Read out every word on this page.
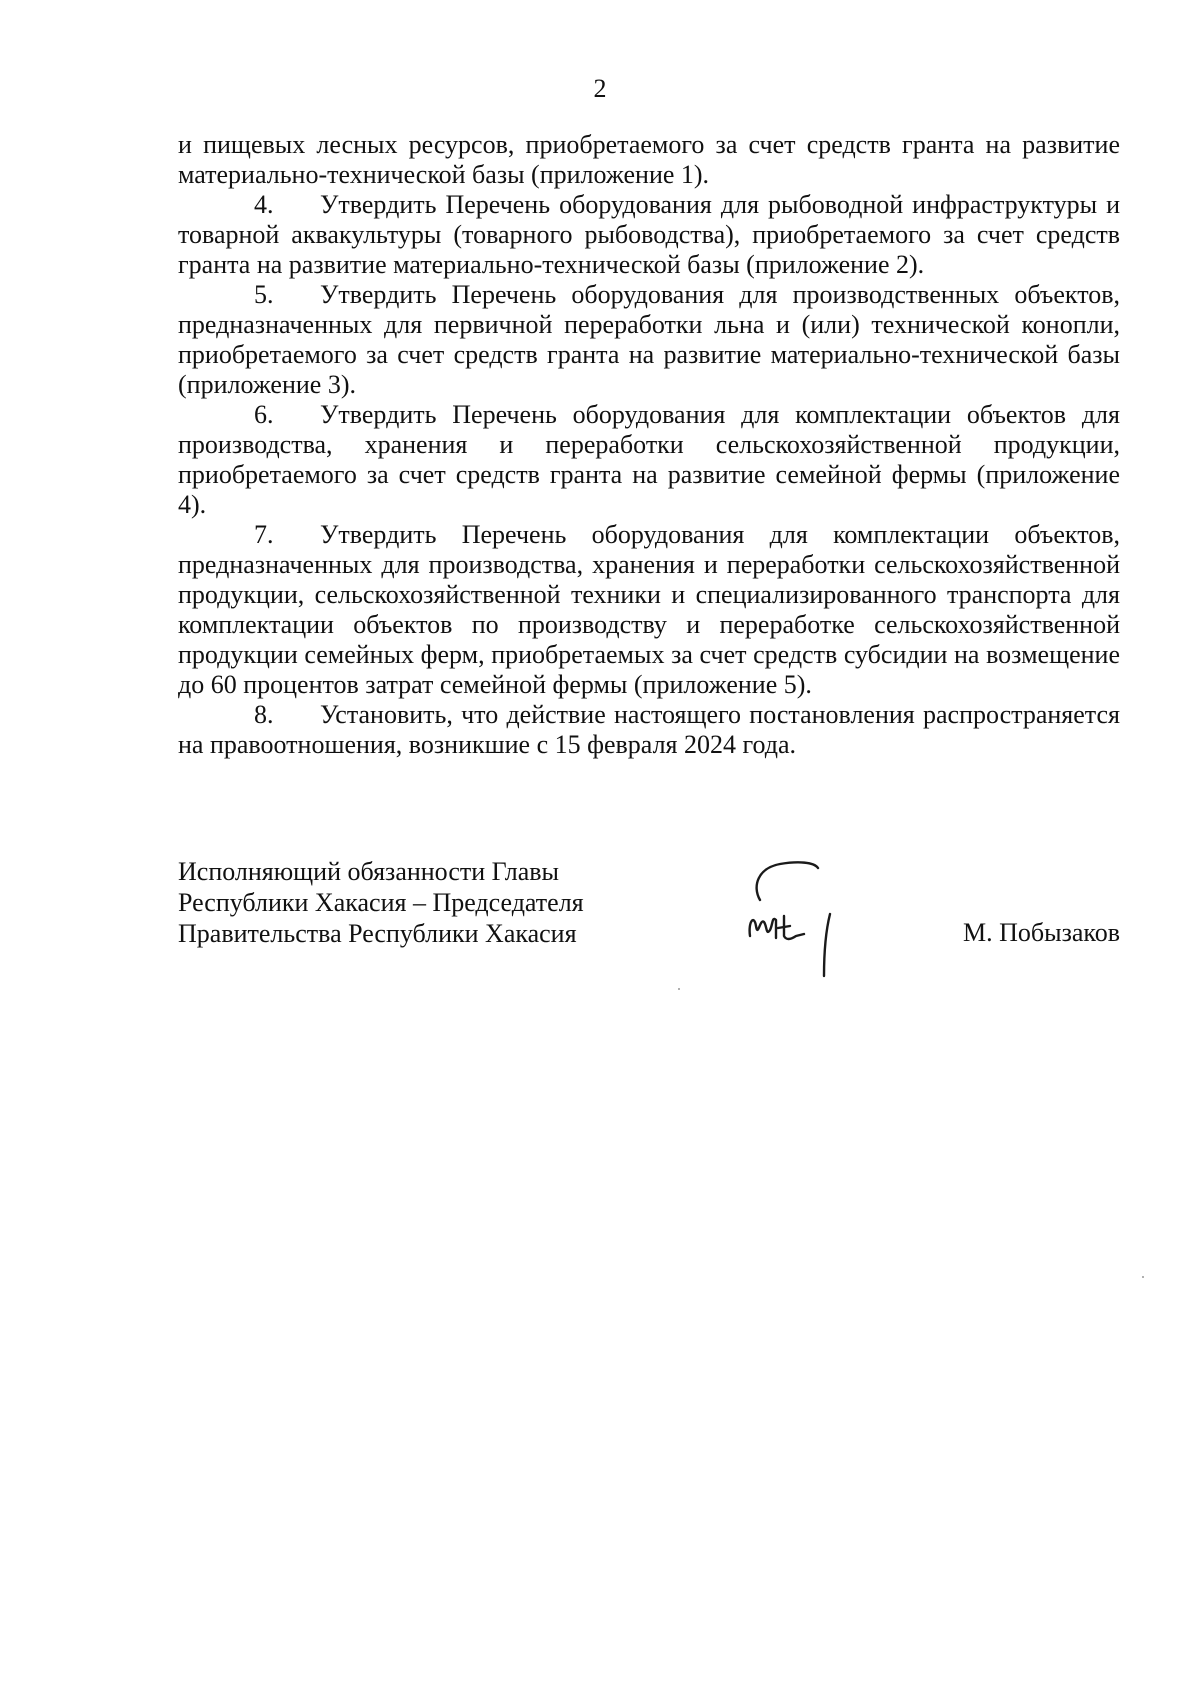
2

и пищевых лесных ресурсов, приобретаемого за счет средств гранта на развитие материально-технической базы (приложение 1).

4. Утвердить Перечень оборудования для рыбоводной инфраструктуры и товарной аквакультуры (товарного рыбоводства), приобретаемого за счет средств гранта на развитие материально-технической базы (приложение 2).

5. Утвердить Перечень оборудования для производственных объектов, предназначенных для первичной переработки льна и (или) технической конопли, приобретаемого за счет средств гранта на развитие материально-технической базы (приложение 3).

6. Утвердить Перечень оборудования для комплектации объектов для производства, хранения и переработки сельскохозяйственной продукции, приобретаемого за счет средств гранта на развитие семейной фермы (приложение 4).

7. Утвердить Перечень оборудования для комплектации объектов, предназначенных для производства, хранения и переработки сельскохозяйственной продукции, сельскохозяйственной техники и специализированного транспорта для комплектации объектов по производству и переработке сельскохозяйственной продукции семейных ферм, приобретаемых за счет средств субсидии на возмещение до 60 процентов затрат семейной фермы (приложение 5).

8. Установить, что действие настоящего постановления распространяется на правоотношения, возникшие с 15 февраля 2024 года.

Исполняющий обязанности Главы
Республики Хакасия – Председателя
Правительства Республики Хакасия	М. Побызаков
